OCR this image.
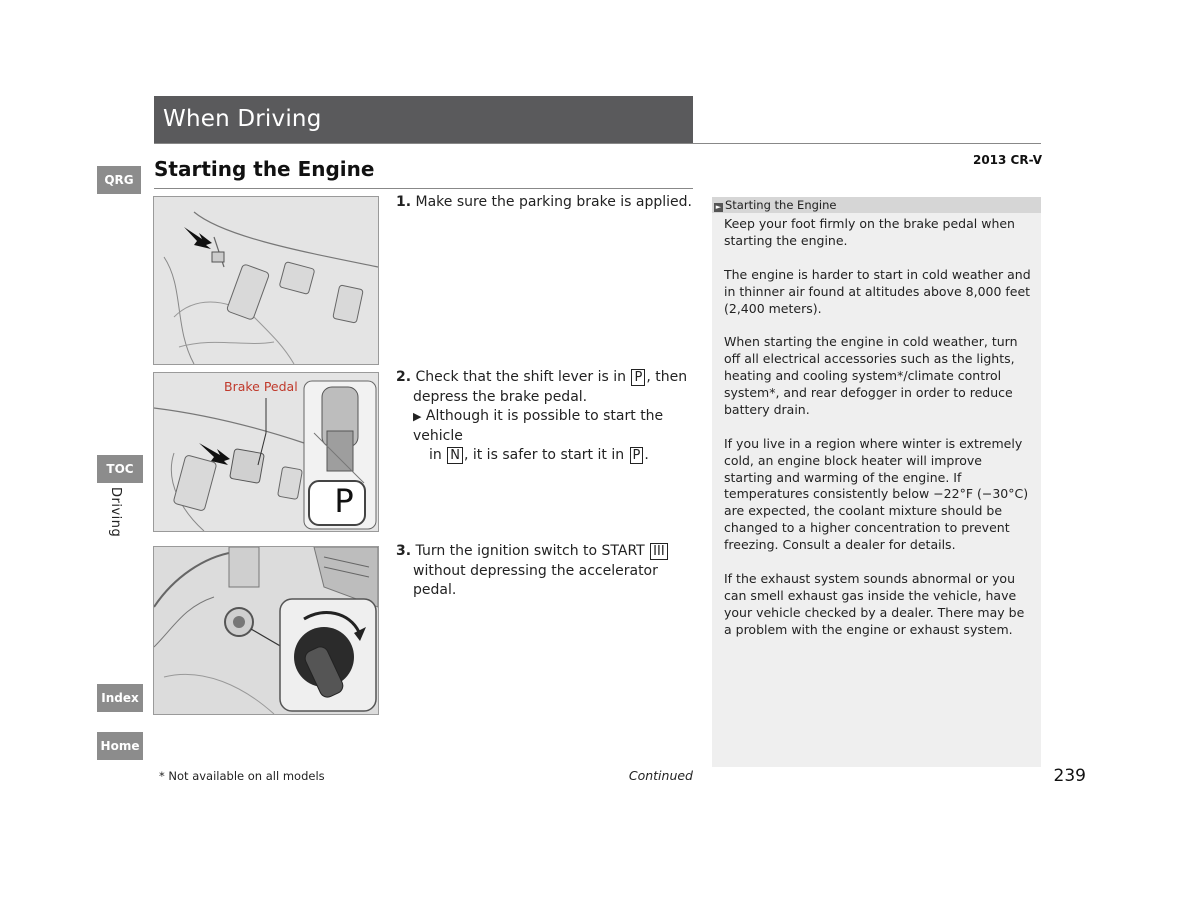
When Driving
2013 CR-V
Starting the Engine
QRG
TOC
Driving
Index
Home
Brake Pedal
P
1. Make sure the parking brake is applied.
2. Check that the shift lever is in P , then
depress the brake pedal.
▶ Although it is possible to start the vehicle
in N , it is safer to start it in P .
3. Turn the ignition switch to START III
without depressing the accelerator pedal.
► Starting the Engine

Keep your foot firmly on the brake pedal when starting the engine.

The engine is harder to start in cold weather and in thinner air found at altitudes above 8,000 feet (2,400 meters).

When starting the engine in cold weather, turn off all electrical accessories such as the lights, heating and cooling system*/climate control system*, and rear defogger in order to reduce battery drain.

If you live in a region where winter is extremely cold, an engine block heater will improve starting and warming of the engine. If temperatures consistently below −22°F (−30°C) are expected, the coolant mixture should be changed to a higher concentration to prevent freezing. Consult a dealer for details.

If the exhaust system sounds abnormal or you can smell exhaust gas inside the vehicle, have your vehicle checked by a dealer. There may be a problem with the engine or exhaust system.

* Not available on all models	Continued	239
